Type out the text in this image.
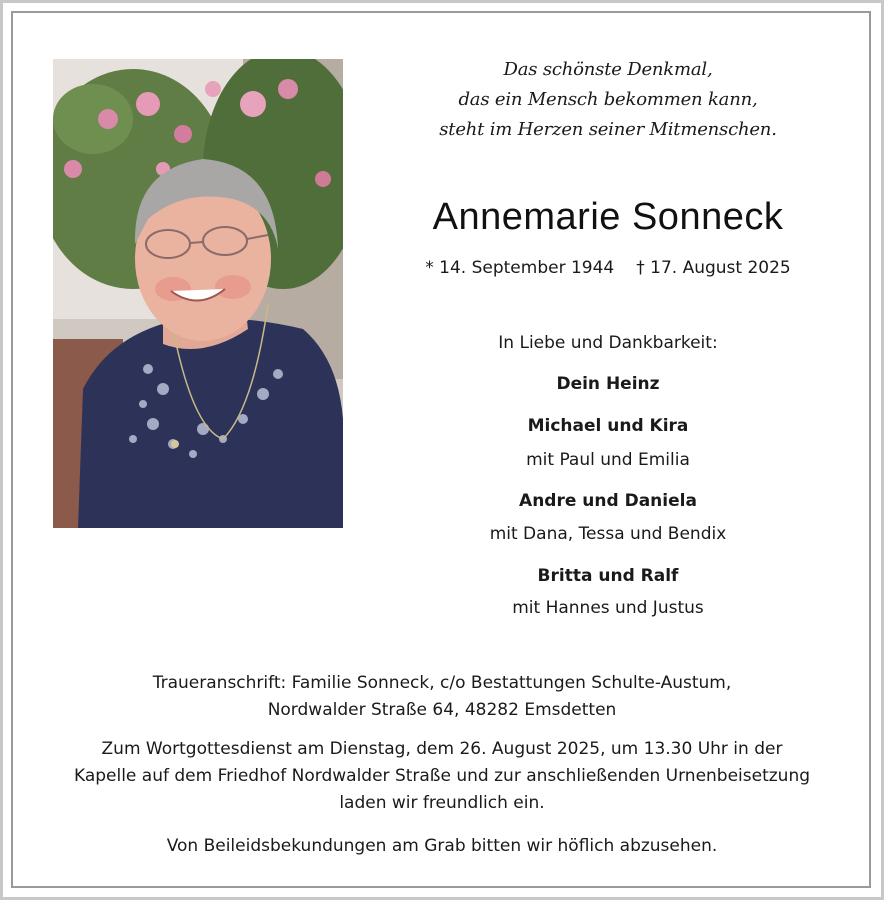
Das schönste Denkmal,
das ein Mensch bekommen kann,
steht im Herzen seiner Mitmenschen.
Annemarie Sonneck
* 14. September 1944 † 17. August 2025
In Liebe und Dankbarkeit:
Dein Heinz
Michael und Kira
mit Paul und Emilia
Andre und Daniela
mit Dana, Tessa und Bendix
Britta und Ralf
mit Hannes und Justus
Traueranschrift: Familie Sonneck, c/o Bestattungen Schulte-Austum,
Nordwalder Straße 64, 48282 Emsdetten
Zum Wortgottesdienst am Dienstag, dem 26. August 2025, um 13.30 Uhr in der
Kapelle auf dem Friedhof Nordwalder Straße und zur anschließenden Urnenbeisetzung
laden wir freundlich ein.
Von Beileidsbekundungen am Grab bitten wir höflich abzusehen.
